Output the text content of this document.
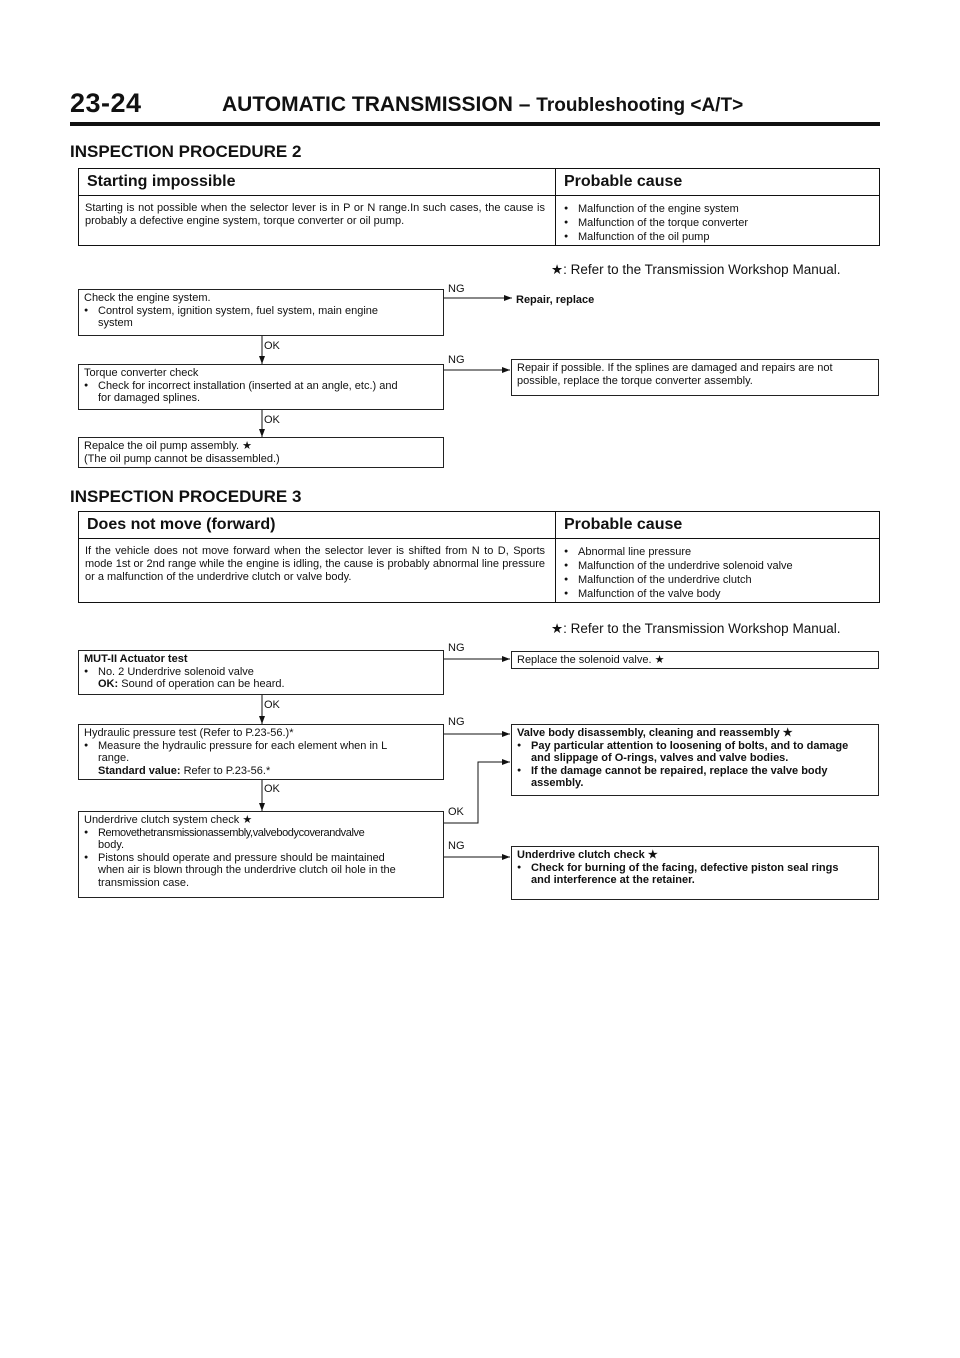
23-24	AUTOMATIC TRANSMISSION – Troubleshooting <A/T>
INSPECTION PROCEDURE 2
Starting impossible	Probable cause
Starting is not possible when the selector lever is in P or N range.In such cases, the cause is probably a defective engine system, torque converter or oil pump.
● Malfunction of the engine system
● Malfunction of the torque converter
● Malfunction of the oil pump
★: Refer to the Transmission Workshop Manual.
Check the engine system.
● Control system, ignition system, fuel system, main engine
system
NG
Repair, replace
OK
Torque converter check
● Check for incorrect installation (inserted at an angle, etc.) and
for damaged splines.
NG
Repair if possible. If the splines are damaged and repairs are not possible, replace the torque converter assembly.
OK
Repalce the oil pump assembly. ★
(The oil pump cannot be disassembled.)
INSPECTION PROCEDURE 3
Does not move (forward)	Probable cause
If the vehicle does not move forward when the selector lever is shifted from N to D, Sports mode 1st or 2nd range while the engine is idling, the cause is probably abnormal line pressure or a malfunction of the underdrive clutch or valve body.
● Abnormal line pressure
● Malfunction of the underdrive solenoid valve
● Malfunction of the underdrive clutch
● Malfunction of the valve body
★: Refer to the Transmission Workshop Manual.
MUT-II Actuator test
● No. 2 Underdrive solenoid valve
OK: Sound of operation can be heard.
NG
Replace the solenoid valve. ★
OK
Hydraulic pressure test (Refer to P.23-56.)*
● Measure the hydraulic pressure for each element when in L
range.
Standard value: Refer to P.23-56.*
NG
Valve body disassembly, cleaning and reassembly ★
● Pay particular attention to loosening of bolts, and to damage
and slippage of O-rings, valves and valve bodies.
● If the damage cannot be repaired, replace the valve body
assembly.
OK
Underdrive clutch system check ★
● Removethetransmissionassembly,valvebodycoverandvalve
body.
● Pistons should operate and pressure should be maintained
when air is blown through the underdrive clutch oil hole in the
transmission case.
OK
NG
Underdrive clutch check ★
● Check for burning of the facing, defective piston seal rings
and interference at the retainer.
